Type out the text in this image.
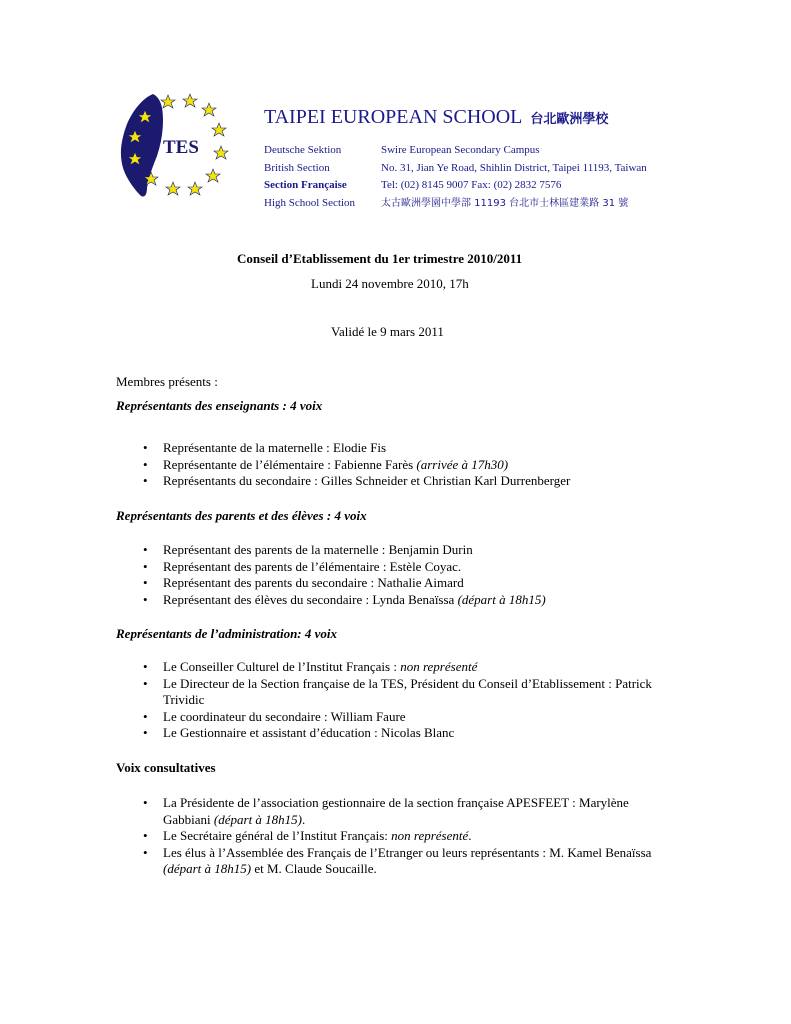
TES
TAIPEI EUROPEAN SCHOOL 台北歐洲學校
Deutsche Sektion
British Section
Section Française
High School Section
Swire European Secondary Campus
No. 31, Jian Ye Road, Shihlin District, Taipei 11193, Taiwan
Tel: (02) 8145 9007 Fax: (02) 2832 7576
太古歐洲學園中學部 11193 台北市士林區建業路 31 號
Conseil d’Etablissement du 1er trimestre 2010/2011
Lundi 24 novembre 2010, 17h
Validé le 9 mars 2011
Membres présents :
Représentants des enseignants : 4 voix
• Représentante de la maternelle : Elodie Fis
• Représentante de l’élémentaire : Fabienne Farès (arrivée à 17h30)
• Représentants du secondaire : Gilles Schneider et Christian Karl Durrenberger
Représentants des parents et des élèves : 4 voix
• Représentant des parents de la maternelle : Benjamin Durin
• Représentant des parents de l’élémentaire : Estèle Coyac.
• Représentant des parents du secondaire : Nathalie Aimard
• Représentant des élèves du secondaire : Lynda Benaïssa (départ à 18h15)
Représentants de l’administration: 4 voix
• Le Conseiller Culturel de l’Institut Français : non représenté
• Le Directeur de la Section française de la TES, Président du Conseil d’Etablissement : Patrick Trividic
• Le coordinateur du secondaire : William Faure
• Le Gestionnaire et assistant d’éducation : Nicolas Blanc
Voix consultatives
• La Présidente de l’association gestionnaire de la section française APESFEET : Marylène Gabbiani (départ à 18h15).
• Le Secrétaire général de l’Institut Français: non représenté.
• Les élus à l’Assemblée des Français de l’Etranger ou leurs représentants : M. Kamel Benaïssa (départ à 18h15) et M. Claude Soucaille.
